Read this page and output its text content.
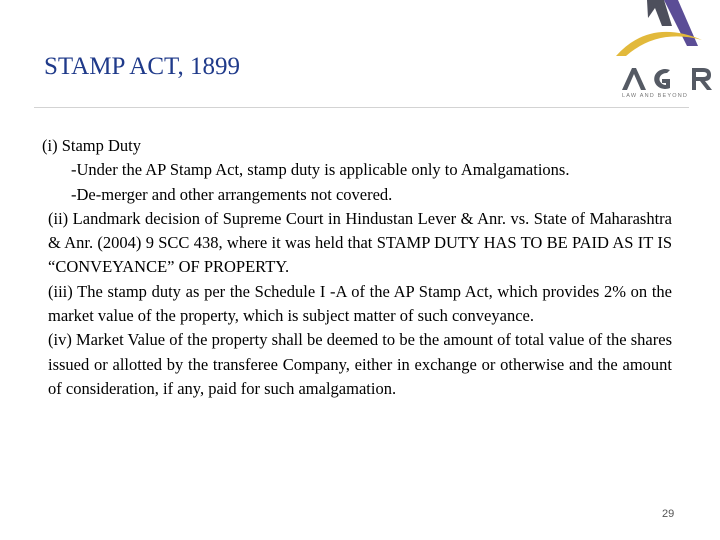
STAMP ACT, 1899
LAW AND BEYOND

(i) Stamp Duty

-Under the AP Stamp Act, stamp duty is applicable only to Amalgamations.

-De-merger and other arrangements not covered.

(ii) Landmark decision of Supreme Court in Hindustan Lever & Anr. vs. State of Maharashtra & Anr. (2004) 9 SCC 438, where it was held that STAMP DUTY HAS TO BE PAID AS IT IS “CONVEYANCE” OF PROPERTY.

(iii) The stamp duty as per the Schedule I -A of the AP Stamp Act, which provides 2% on the market value of the property, which is subject matter of such conveyance.

(iv) Market Value of the property shall be deemed to be the amount of total value of the shares issued or allotted by the transferee Company, either in exchange or otherwise and the amount of consideration, if any, paid for such amalgamation.

29
